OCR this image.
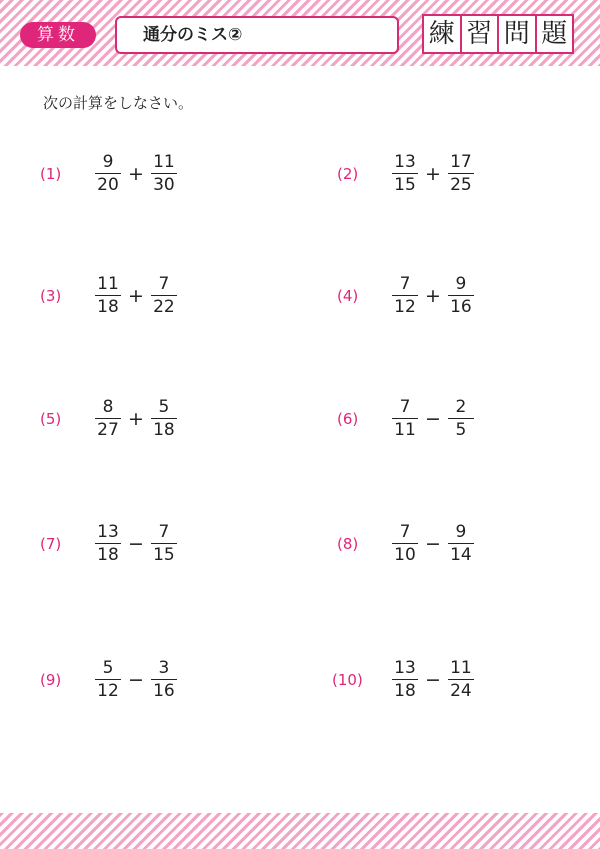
算数	通分のミス②	練 習 問 題
次の計算をしなさい。
(1)	$\frac{9}{20} + \frac{11}{30}$	(2)	$\frac{13}{15} + \frac{17}{25}$
(3)	$\frac{11}{18} + \frac{7}{22}$	(4)	$\frac{7}{12} + \frac{9}{16}$
(5)	$\frac{8}{27} + \frac{5}{18}$	(6)	$\frac{7}{11} - \frac{2}{5}$
(7)	$\frac{13}{18} - \frac{7}{15}$	(8)	$\frac{7}{10} - \frac{9}{14}$
(9)	$\frac{5}{12} - \frac{3}{16}$	(10)	$\frac{13}{18} - \frac{11}{24}$
